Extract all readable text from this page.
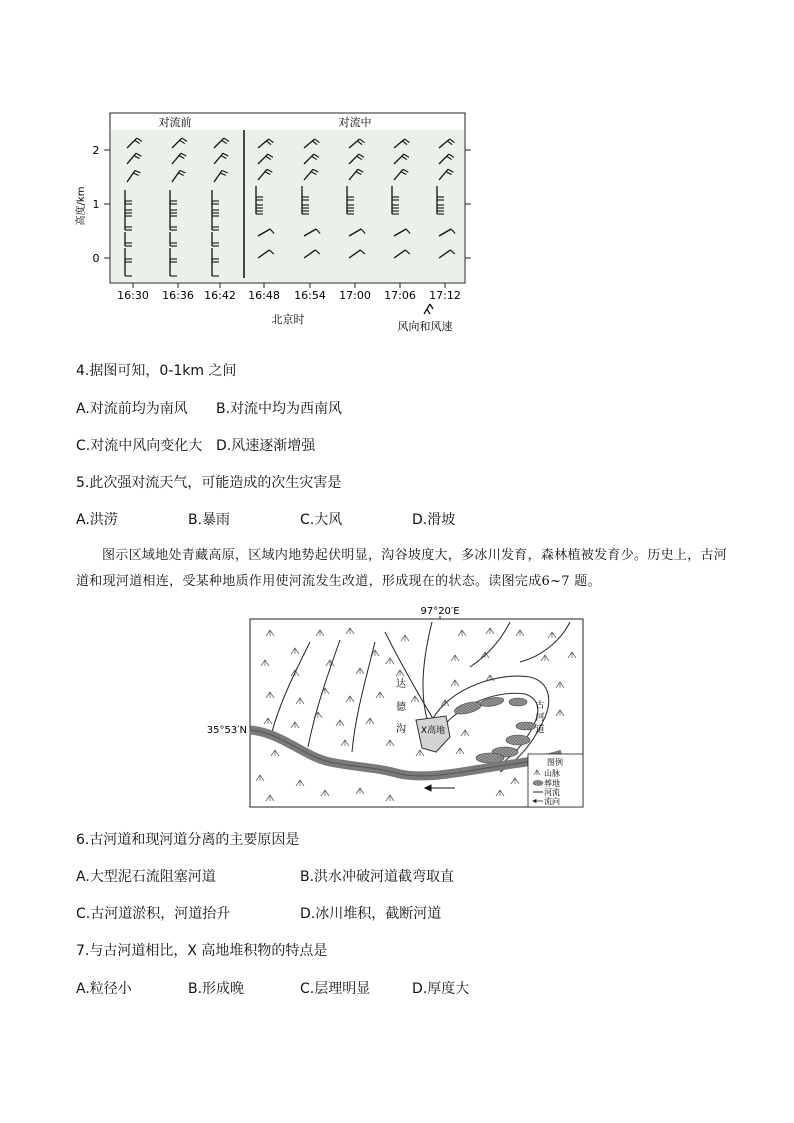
对流前	对流中
2
1
0
高度/km
16:30 16:36 16:42 16:48 16:54 17:00 17:06 17:12
北京时
风向和风速
4.据图可知，0-1km 之间
A.对流前均为南风 B.对流中均为西南风
C.对流中风向变化大 D.风速逐渐增强
5.此次强对流天气，可能造成的次生灾害是
A.洪涝	B.暴雨	C.大风	D.滑坡
图示区域地处青藏高原，区域内地势起伏明显，沟谷坡度大，多冰川发育，森林植被发育少。历史上，古河道和现河道相连，受某种地质作用使河流发生改道，形成现在的状态。读图完成6~7 题。
97°20′E
35°53′N	X高地
达
德
沟
古
河
道
图例
山脉
葬地
河流
流向
6.古河道和现河道分离的主要原因是
A.大型泥石流阻塞河道	B.洪水冲破河道截弯取直
C.古河道淤积，河道抬升	D.冰川堆积，截断河道
7.与古河道相比，X 高地堆积物的特点是
A.粒径小	B.形成晚	C.层理明显	D.厚度大
